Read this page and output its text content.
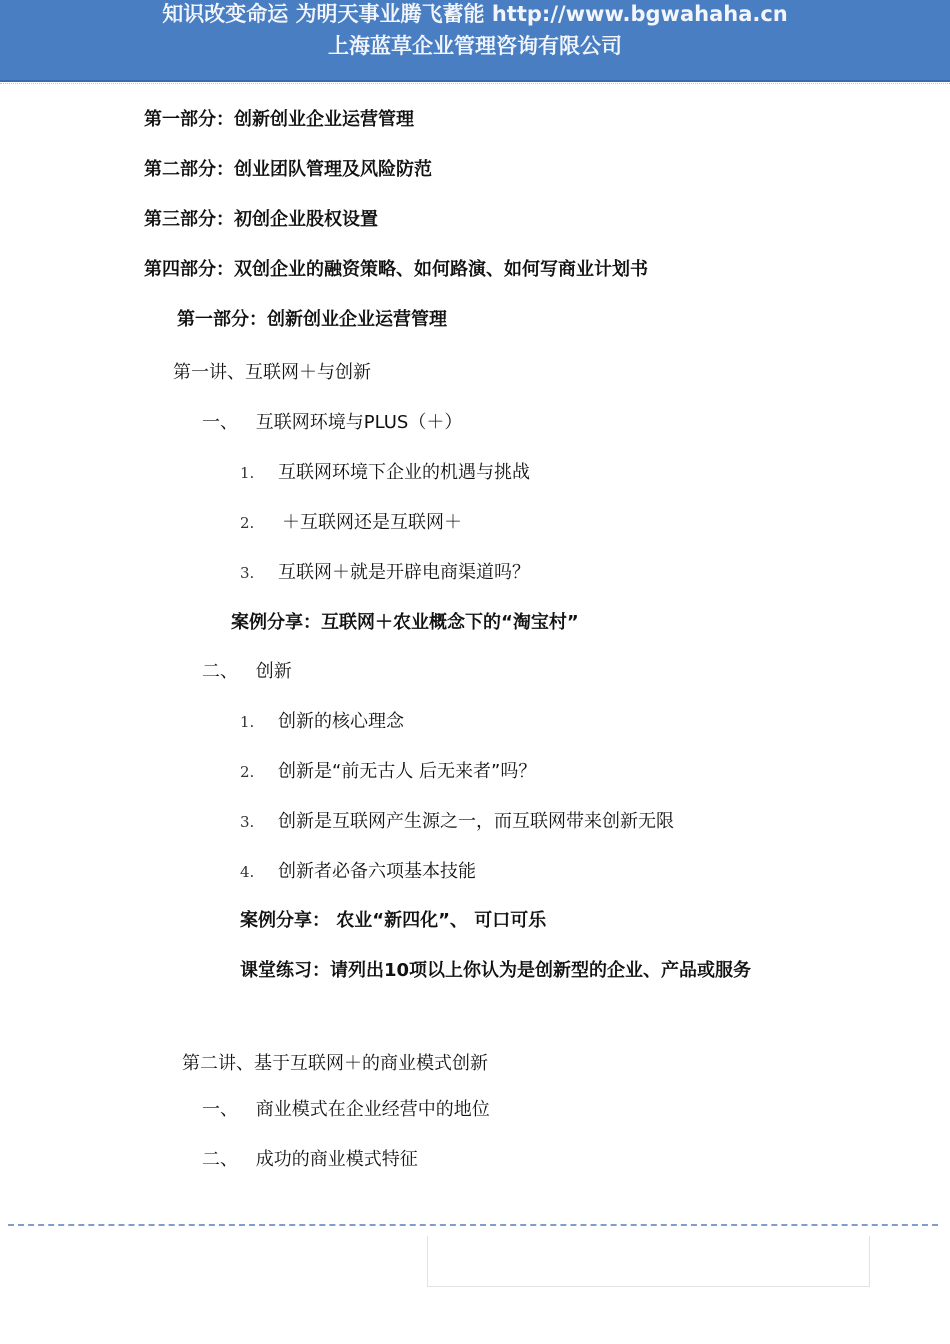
知识改变命运 为明天事业腾飞蓄能 http://www.bgwahaha.cn
上海蓝草企业管理咨询有限公司
第一部分：创新创业企业运营管理
第二部分：创业团队管理及风险防范
第三部分：初创企业股权设置
第四部分：双创企业的融资策略、如何路演、如何写商业计划书
第一部分：创新创业企业运营管理
第一讲、互联网＋与创新
一、 互联网环境与PLUS（＋）
1. 互联网环境下企业的机遇与挑战
2. ＋互联网还是互联网＋
3. 互联网＋就是开辟电商渠道吗？
案例分享：互联网＋农业概念下的“淘宝村”
二、 创新
1. 创新的核心理念
2. 创新是“前无古人 后无来者”吗？
3. 创新是互联网产生源之一，而互联网带来创新无限
4. 创新者必备六项基本技能
案例分享： 农业“新四化”、 可口可乐
课堂练习：请列出10项以上你认为是创新型的企业、产品或服务
第二讲、基于互联网＋的商业模式创新
一、 商业模式在企业经营中的地位
二、 成功的商业模式特征
